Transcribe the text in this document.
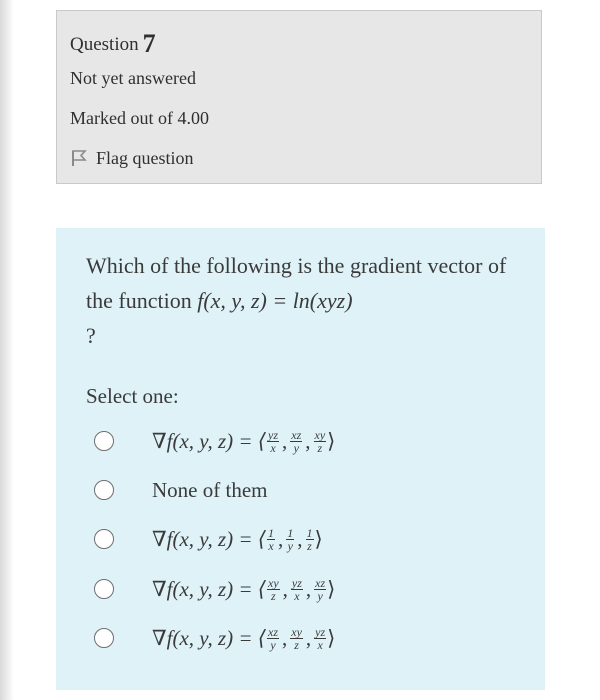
Question 7
Not yet answered
Marked out of 4.00
Flag question
Which of the following is the gradient vector of the function f(x, y, z) = ln(xyz)
?
Select one:
∇f(x, y, z) = ⟨ $\frac{yz}{x}$ , $\frac{xz}{y}$ , $\frac{xy}{z}$ ⟩
None of them
∇f(x, y, z) = ⟨ $\frac{1}{x}$ , $\frac{1}{y}$ , $\frac{1}{z}$ ⟩
∇f(x, y, z) = ⟨ $\frac{xy}{z}$ , $\frac{yz}{x}$ , $\frac{xz}{y}$ ⟩
∇f(x, y, z) = ⟨ $\frac{xz}{y}$ , $\frac{xy}{z}$ , $\frac{yz}{x}$ ⟩
